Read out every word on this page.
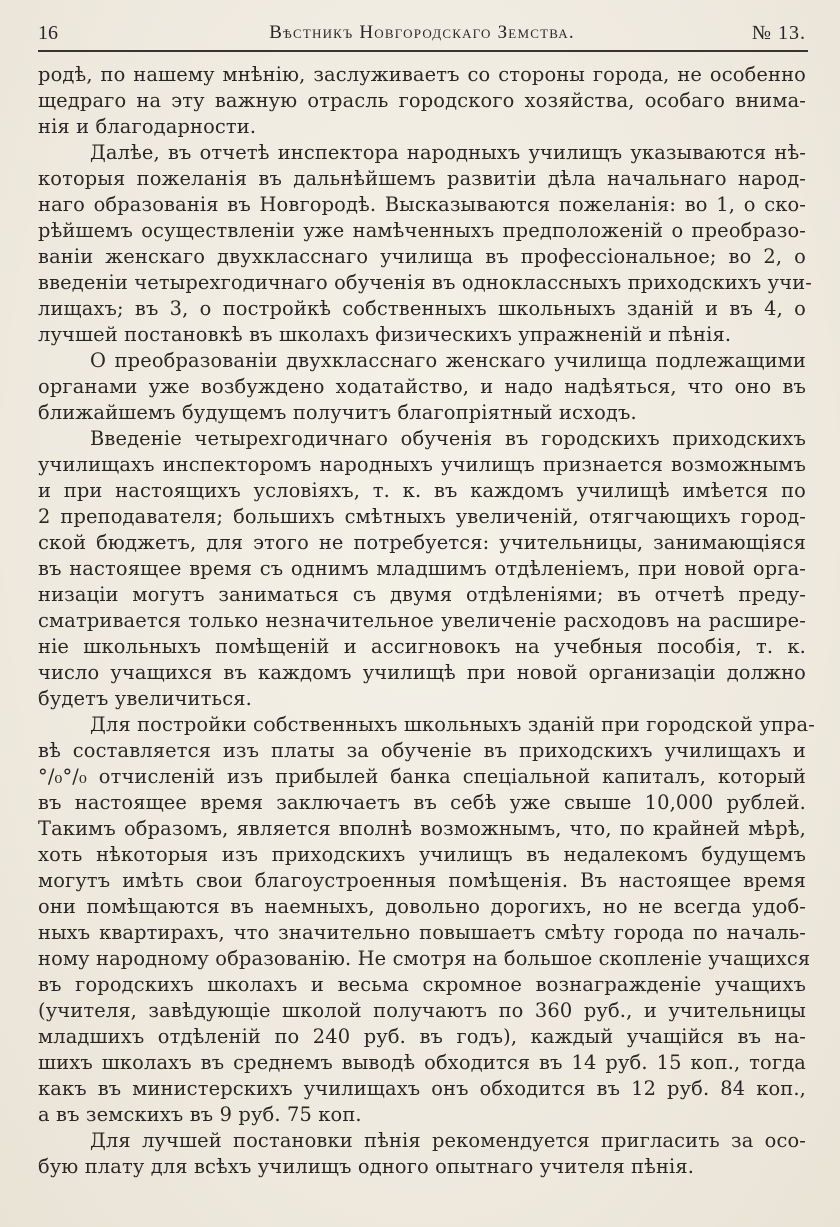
16	Вѣстникъ Новгородскаго Земства.	№ 13.

родѣ, по нашему мнѣнію, заслуживаетъ со стороны города, не особенно
щедраго на эту важную отрасль городского хозяйства, особаго внима-
нія и благодарности.

Далѣе, въ отчетѣ инспектора народныхъ училищъ указываются нѣ-
которыя пожеланія въ дальнѣйшемъ развитіи дѣла начальнаго народ-
наго образованія въ Новгородѣ. Высказываются пожеланія: во 1, о ско-
рѣйшемъ осуществленіи уже намѣченныхъ предположеній о преобразо-
ваніи женскаго двухкласснаго училища въ профессіональное; во 2, о
введеніи четырехгодичнаго обученія въ одноклассныхъ приходскихъ учи-
лищахъ; въ 3, о постройкѣ собственныхъ школьныхъ зданій и въ 4, о
лучшей постановкѣ въ школахъ физическихъ упражненій и пѣнія.

О преобразованіи двухкласснаго женскаго училища подлежащими
органами уже возбуждено ходатайство, и надо надѣяться, что оно въ
ближайшемъ будущемъ получитъ благопріятный исходъ.

Введеніе четырехгодичнаго обученія въ городскихъ приходскихъ
училищахъ инспекторомъ народныхъ училищъ признается возможнымъ
и при настоящихъ условіяхъ, т. к. въ каждомъ училищѣ имѣется по
2 преподавателя; большихъ смѣтныхъ увеличеній, отягчающихъ город-
ской бюджетъ, для этого не потребуется: учительницы, занимающіяся
въ настоящее время съ однимъ младшимъ отдѣленіемъ, при новой орга-
низаціи могутъ заниматься съ двумя отдѣленіями; въ отчетѣ преду-
сматривается только незначительное увеличеніе расходовъ на расшире-
ніе школьныхъ помѣщеній и ассигновокъ на учебныя пособія, т. к.
число учащихся въ каждомъ училищѣ при новой организаціи должно
будетъ увеличиться.

Для постройки собственныхъ школьныхъ зданій при городской упра-
вѣ составляется изъ платы за обученіе въ приходскихъ училищахъ и
°/₀°/₀ отчисленій изъ прибылей банка спеціальной капиталъ, который
въ настоящее время заключаетъ въ себѣ уже свыше 10,000 рублей.
Такимъ образомъ, является вполнѣ возможнымъ, что, по крайней мѣрѣ,
хоть нѣкоторыя изъ приходскихъ училищъ въ недалекомъ будущемъ
могутъ имѣть свои благоустроенныя помѣщенія. Въ настоящее время
они помѣщаются въ наемныхъ, довольно дорогихъ, но не всегда удоб-
ныхъ квартирахъ, что значительно повышаетъ смѣту города по началь-
ному народному образованію. Не смотря на большое скопленіе учащихся
въ городскихъ школахъ и весьма скромное вознагражденіе учащихъ
(учителя, завѣдующіе школой получаютъ по 360 руб., и учительницы
младшихъ отдѣленій по 240 руб. въ годъ), каждый учащійся въ на-
шихъ школахъ въ среднемъ выводѣ обходится въ 14 руб. 15 коп., тогда
какъ въ министерскихъ училищахъ онъ обходится въ 12 руб. 84 коп.,
а въ земскихъ въ 9 руб. 75 коп.

Для лучшей постановки пѣнія рекомендуется пригласить за осо-
бую плату для всѣхъ училищъ одного опытнаго учителя пѣнія.
